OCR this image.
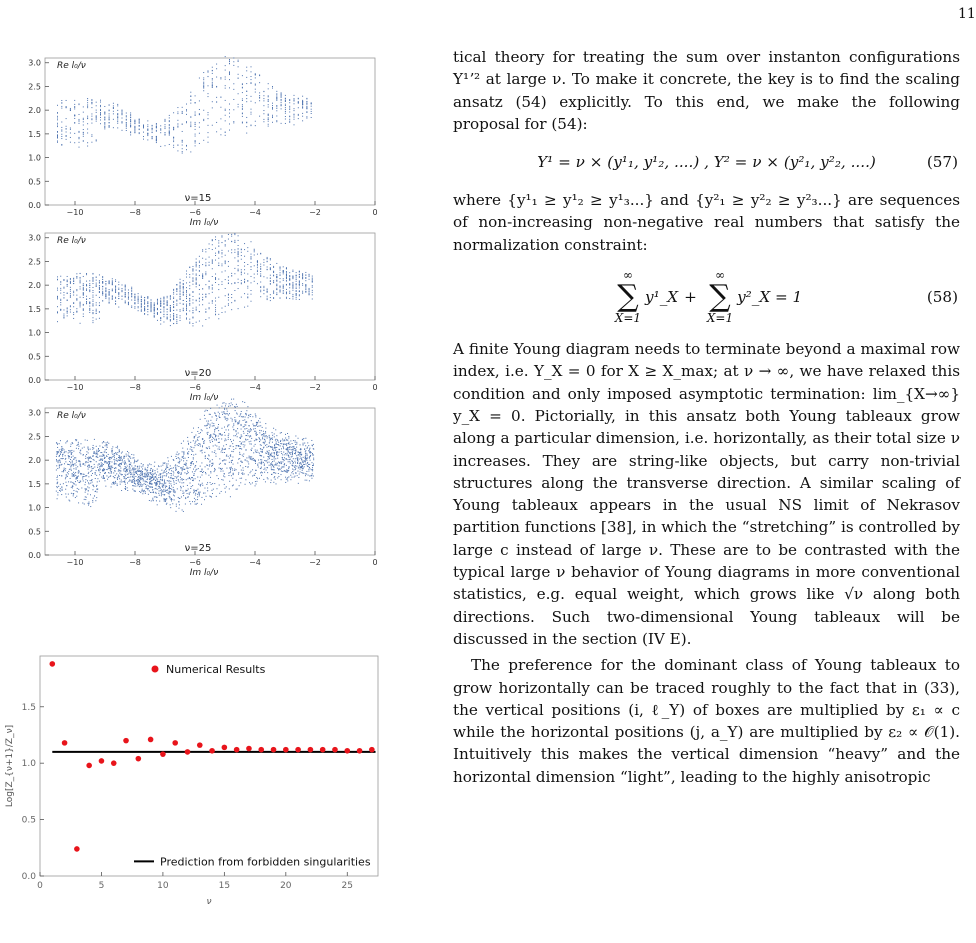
11
−10	−8	−6	−4	−2	0
0.0
0.5
1.0
1.5
2.0
2.5
3.0 Re l₀/ν
Im l₀/ν
ν=15
−10	−8	−6	−4	−2	0
0.0
0.5
1.0
1.5
2.0
2.5
3.0 Re l₀/ν
Im l₀/ν
ν=20
−10	−8	−6	−4	−2	0
0.0
0.5
1.0
1.5
2.0
2.5
3.0 Re l₀/ν
Im l₀/ν
ν=25
0	5	10	15	20	25
0.0
0.5
1.0
1.5
Log[Z_{ν+1}/Z_ν]
ν
Numerical Results
Prediction from forbidden singularities

tical theory for treating the sum over instanton configurations Y¹ʼ² at large ν. To make it concrete, the key is to find the scaling ansatz (54) explicitly. To this end, we make the following proposal for (54):

Y¹ = ν × (y¹₁, y¹₂, ....) , Y² = ν × (y²₁, y²₂, ....)	(57)

where {y¹₁ ≥ y¹₂ ≥ y¹₃...} and {y²₁ ≥ y²₂ ≥ y²₃...} are sequences of non-increasing non-negative real numbers that satisfy the normalization constraint:

∞
∑
X=1
y¹_X +
∞
∑
X=1
y²_X = 1	(58)

A finite Young diagram needs to terminate beyond a maximal row index, i.e. Y_X = 0 for X ≥ X_max; at ν → ∞, we have relaxed this condition and only imposed asymptotic termination: lim_{X→∞} y_X = 0. Pictorially, in this ansatz both Young tableaux grow along a particular dimension, i.e. horizontally, as their total size ν increases. They are string-like objects, but carry non-trivial structures along the transverse direction. A similar scaling of Young tableaux appears in the usual NS limit of Nekrasov partition functions [38], in which the “stretching” is controlled by large c instead of large ν. These are to be contrasted with the typical large ν behavior of Young diagrams in more conventional statistics, e.g. equal weight, which grows like √ν along both directions. Such two-dimensional Young tableaux will be discussed in the section (IV E).

The preference for the dominant class of Young tableaux to grow horizontally can be traced roughly to the fact that in (33), the vertical positions (i, ℓ_Y) of boxes are multiplied by ε₁ ∝ c while the horizontal positions (j, a_Y) are multiplied by ε₂ ∝ 𝒪(1). Intuitively this makes the vertical dimension “heavy” and the horizontal dimension “light”, leading to the highly anisotropic
